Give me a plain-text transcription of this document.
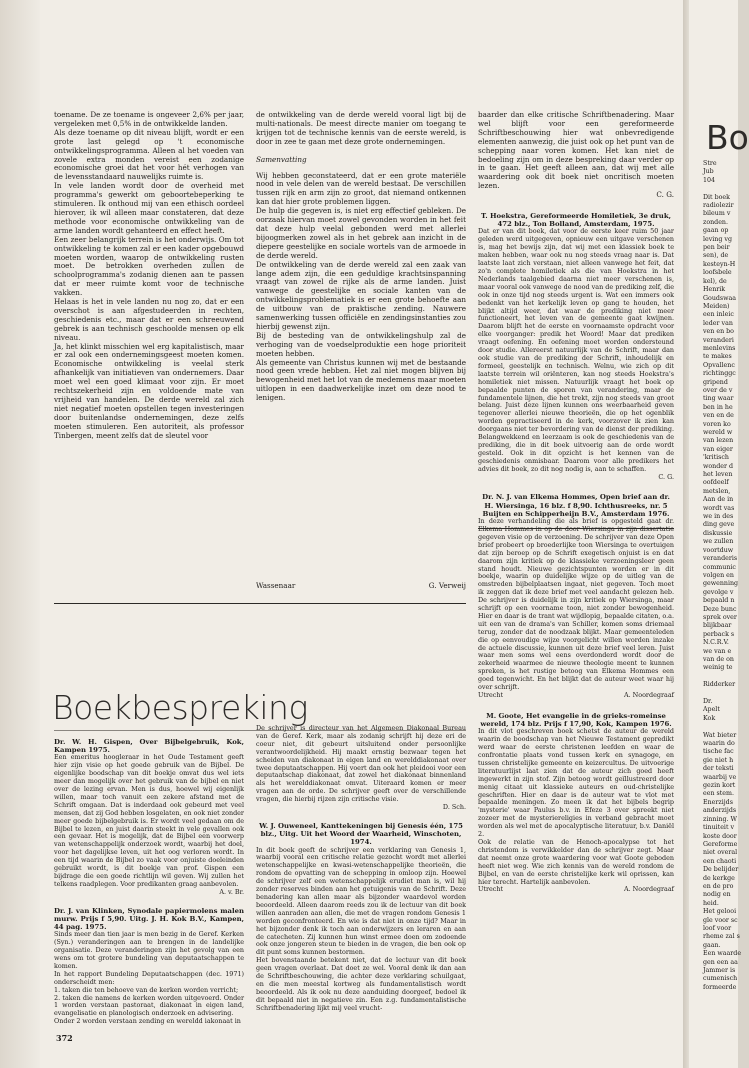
toename. De ze toename is ongeveer 2,6% per jaar, vergeleken met 0,5% in de ontwikkelde landen.

Als deze toename op dit niveau blijft, wordt er een grote last gelegd op 't economische ontwikkelingsprogramma. Alleen al het voeden van zovele extra monden vereist een zodanige economische groei dat het voor hét verhogen van de levensstandaard nauwelijks ruimte is.

In vele landen wordt door de overheid met programma's gewerkt om geboortebeperking te stimuleren. Ik onthoud mij van een ethisch oordeel hierover, ik wil alleen maar constateren, dat deze methode voor economische ontwikkeling van de arme landen wordt gehanteerd en effect heeft.

Een zeer belangrijk terrein is het onderwijs. Om tot ontwikkeling te komen zal er een kader opgebouwd moeten worden, waarop de ontwikkeling rusten moet. De betrokken overheden zullen de schoolprogramma's zodanig dienen aan te passen dat er meer ruimte komt voor de technische vakken.

Helaas is het in vele landen nu nog zo, dat er een overschot is aan afgestudeerden in rechten, geschiedenis etc., maar dat er een schreeuwend gebrek is aan technisch geschoolde mensen op elk niveau.

Ja, het klinkt misschien wel erg kapitalistisch, maar er zal ook een ondernemingsgeest moeten komen. Economische ontwikkeling is veelal sterk afhankelijk van initiatieven van ondernemers. Daar moet wel een goed klimaat voor zijn. Er moet rechtszekerheid zijn en voldoende mate van vrijheid van handelen. De derde wereld zal zich niet negatief moeten opstellen tegen investeringen door buitenlandse ondernemingen, deze zelfs moeten stimuleren. Een autoriteit, als professor Tinbergen, meent zelfs dat de sleutel voor

de ontwikkeling van de derde wereld vooral ligt bij de multi-nationals. De meest directe manier om toegang te krijgen tot de technische kennis van de eerste wereld, is door in zee te gaan met deze grote ondernemingen.

Samenvatting

Wij hebben geconstateerd, dat er een grote materiële nood in vele delen van de wereld bestaat. De verschillen tussen rijk en arm zijn zo groot, dat niemand ontkennen kan dat hier grote problemen liggen.

De hulp die gegeven is, is niet erg effectief gebleken. De oorzaak hiervan moet zowel gevonden worden in het feit dat deze hulp veelal gebonden werd met allerlei bijoogmerken zowel als in het gebrek aan inzicht in de diepere geestelijke en sociale wortels van de armoede in de derde wereld.

De ontwikkeling van de derde wereld zal een zaak van lange adem zijn, die een geduldige krachtsinspanning vraagt van zowel de rijke als de arme landen. Juist vanwege de geestelijke en sociale kanten van de ontwikkelingsproblematiek is er een grote behoefte aan de uitbouw van de praktische zending. Nauwere samenwerking tussen officiële en zendingsinstanties zou hierbij gewenst zijn.

Bij de besteding van de ontwikkelingshulp zal de verhoging van de voedselproduktie een hoge prioriteit moeten hebben.

Als gemeente van Christus kunnen wij met de bestaande nood geen vrede hebben. Het zal niet mogen blijven bij bewogenheid met het lot van de medemens maar moeten uitlopen in een daadwerkelijke inzet om deze nood te lenigen.

Wassenaar	G. Verweij

baarder dan elke critische Schriftbenadering. Maar wel blijft voor een gereformeerde Schriftbeschouwing hier wat onbevredigende elementen aanwezig, die juist ook op het punt van de schepping naar voren komen. Het kan niet de bedoeling zijn om in deze bespreking daar verder op in te gaan. Het geeft alleen aan, dat wij met alle waardering ook dit boek niet oncritisch moeten lezen.

C. G.

T. Hoekstra, Gereformeerde Homiletiek, 3e druk, 472 blz., Ton Bolland, Amsterdam, 1975.

Dat er van dit boek, dat voor de eerste keer ruim 50 jaar geleden werd uitgegeven, opnieuw een uitgave verschenen is, mag het bewijs zijn, dat wij met een klassiek boek te maken hebben, waar ook nu nog steeds vraag naar is. Dat laatste laat zich verstaan, niet alleen vanwege het feit, dat zo'n complete homiletiek als die van Hoekstra in het Nederlands taalgebied daarna niet meer verschenen is, maar vooral ook vanwege de nood van de prediking zelf, die ook in onze tijd nog steeds urgent is. Wat een immers ook bedenkt van het kerkelijk leven op gang te houden, het blijkt altijd weer, dat waar de prediking niet meer functioneert, het leven van de gemeente gaat kwijnen. Daarom blijft het de eerste en voornaamste opdracht voor elke voorganger: predik het Woord! Maar dat prediken vraagt oefening. En oefening moet worden ondersteund door studie. Allereerst natuurlijk van de Schrift, maar dan ook studie van de prediking der Schrift, inhoudelijk en formeel, geestelijk en technisch. Welnu, wie zich op dit laatste terrein wil oriënteren, kan nog steeds Hoekstra's homiletiek niet missen. Natuurlijk vraagt het boek op bepaalde punten de sporen van verandering, maar de fundamentele lijnen, die het trekt, zijn nog steeds van groot belang. Juist deze lijnen kunnen ons weerbaarheid geven tegenover allerlei nieuwe theorieën, die op het ogenblik worden gepractiseerd in de kerk, voorzover ik zien kan doorgaans niet ter bevordering van de dienst der prediking. Belangwekkend en leerzaam is ook de geschiedenis van de prediking, die in dit boek uitvoerig aan de orde wordt gesteld. Ook in dit opzicht is het kennen van de geschiedenis onmisbaar. Daarom voor alle predikers het advies dit boek, zo dit nog nodig is, aan te schaffen.

C. G.

Dr. N. J. van Elkema Hommes, Open brief aan dr. H. Wiersinga, 16 blz. f 8,90. Ichthusreeks, nr. 5 Buijten en Schipperheijn B.V., Amsterdam 1976.

In deze verhandeling die als brief is opgesteld gaat dr. gegeven visie op de verzoening. De schrijver van deze Open brief probeert op broederlijke toon Wiersinga te overtuigen dat zijn beroep op de Schrift exegetisch onjuist is en dat daarom zijn kritiek op de klassieke verzoeningsleer geen stand houdt. Nieuwe gezichtspunten worden er in dit boekje, waarin op duidelijke wijze op de uitleg van de omstreden bijbelplaatsen ingaat, niet gegeven. Toch moet ik zeggen dat ik deze brief met veel aandacht gelezen heb. De schrijver is duidelijk in zijn kritiek op Wiersinga, maar schrijft op een voorname toon, niet zonder bewogenheid. Hier en daar is de trant wat wijdlopig, bepaalde citaten, o.a. uit een van de drama's van Schiller, komen soms driemaal terug, zonder dat de noodzaak blijkt. Maar gemeenteleden die op eenvoudige wijze voorgelicht willen worden inzake de actuele discussie, kunnen uit deze brief veel leren. Juist waar men soms wel eens overdonderd wordt door de zekerheid waarmee de nieuwe theologie meent te kunnen spreken, is het rustige betoog van Elkema Hommes een goed tegenwicht. En het blijkt dat de auteur weet waar hij over schrijft.

Utrecht	A. Noordegraaf

M. Goote, Het evangelie in de grieks-romeinse wereld, 174 blz. Prijs f 17,90, Kok, Kampen 1976.

In dit vlot geschreven boek schetst de auteur de wereld waarin de boodschap van het Nieuwe Testament gepredikt werd waar de eerste christenen leefden en waar de confrontatie plaats vond tussen kerk en synagoge, en tussen christelijke gemeente en keizercultus. De uitvoerige literatuurlijst laat zien dat de auteur zich goed heeft ingewerkt in zijn stof. Zijn betoog wordt geïllustreerd door menig citaat uit klassieke auteurs en oud-christelijke geschriften. Hier en daar is de auteur wat te vlot met bepaalde meningen. Zo meen ik dat het bijbels begrip 'mysterie' waar Paulus b.v. in Efeze 3 over spreekt niet zozeer met de mysteriereligies in verband gebracht moet worden als wel met de apocalyptische literatuur, b.v. Daniël 2.

Ook de relatie van de Henoch-apocalypse tot het christendom is verwikkelder dan de schrijver zegt. Maar dat neemt onze grote waardering voor wat Goote geboden heeft niet weg. Wie zich kennis van de wereld rondom de Bijbel, en van de eerste christelijke kerk wil oprissen, kan hier terecht. Hartelijk aanbevolen.

Utrecht	A. Noordegraaf
Boekbespreking

Dr. W. H. Gispen, Over Bijbelgebruik, Kok, Kampen 1975.

Een emeritus hoogleraar in het Oude Testament geeft hier zijn visie op het goede gebruik van de Bijbel. De eigenlijke boodschap van dit boekje omvat dus wel iets meer dan mogelijk over het gebruik van de bijbel en niet over de lezing ervan. Men is dus, hoewel wij eigenlijk willen, maar toch vanuit een zekere afstand met de Schrift omgaan. Dat is inderdaad ook gebeurd met veel mensen, dat zij God hebben losgelaten, en ook niet zonder meer goede bijbelgebruik is. Er wordt veel gedaan om de Bijbel te lezen, en juist daarin steekt in vele gevallen ook een gevaar. Het is mogelijk, dat de Bijbel een voorwerp van wetenschappelijk onderzoek wordt, waarbij het doel, voor het dagelijkse leven, uit het oog verloren wordt. In een tijd waarin de Bijbel zo vaak voor onjuiste doeleinden gebruikt wordt, is dit boekje van prof. Gispen een bijdrage die een goede richtlijn wil geven. Wij zullen het telkens raadplegen. Voor predikanten graag aanbevolen.

A. v. Br.

Dr. J. van Klinken, Synodale papiermolens malen murw. Prijs f 5,90. Uitg. J. H. Kok B.V., Kampen, 44 pag. 1975.

Sinds meer dan tien jaar is men bezig in de Geref. Kerken (Syn.) veranderingen aan te brengen in de landelijke organisatie. Deze veranderingen zijn het gevolg van een wens om tot grotere bundeling van deputaatschappen te komen.

In het rapport Bundeling Deputaatschappen (dec. 1971) onderscheidt men:

1. taken die ten behoeve van de kerken worden verricht;

2. taken die namens de kerken worden uitgevoerd. Onder 1 worden verstaan pastoraat, diakonaat in eigen land, evangelisatie en planologisch onderzoek en advisering.

Onder 2 worden verstaan zending en wereldd iakonaat in

De schrijver is directeur van het Algemeen Diakonaal Bureau van de Geref. Kerk, maar als zodanig schrijft hij deze eri de coeur niet, dit gebeurt uitsluitend onder persoonlijke verantwoordelijkheid. Hij maakt ernstig bezwaar tegen het scheiden van diakonaat in eigen land en werelddiakonaat over twee deputaatschappen. Hij voert dan ook het pleidooi voor een deputaatschap diakonaat, dat zowel het diakonaat binnenland als het werelddiakonaat omvat. Uiteraard komen er meer vragen aan de orde. De schrijver geeft over de verschillende vragen, die hierbij rijzen zijn critische visie.

D. Sch.

W. J. Ouweneel, Kanttekeningen bij Genesis één, 175 blz., Uitg. Uit het Woord der Waarheid, Winschoten, 1974.

In dit boek geeft de schrijver een verklaring van Genesis 1, waarbij vooral een critische relatie gezocht wordt met allerlei wetenschappelijke en kwasi-wetenschappelijke theorieën, die rondom de opvatting van de schepping in omloop zijn. Hoewel de schrijver zelf een wetenschappelijk erudiet man is, wil hij zonder reserves binden aan het getuigenis van de Schrift. Deze benadering kan allen maar als bijzonder waardevol worden beoordeeld. Alleen daarom reeds zou ik de lectuur van dit boek willen aanraden aan allen, die met de vragen rondom Genesis 1 worden geconfronteerd. En wie is dat niet in onze tijd? Maar in het bijzonder denk ik toch aan onderwijzers en leraren en aan de catecheten. Zij kunnen hun winst ermee doen om zodoende ook onze jongeren steun te bieden in de vragen, die ben ook op dit punt soms kunnen bestormen.

Het bovenstaande betekent niet, dat de lectuur van dit boek geen vragen overlaat. Dat doet ze wel. Vooral denk ik dan aan de Schriftbeschouwing, die achter deze verklaring schuilgaat, en die men meestal kortweg als fundamentalistisch wordt beoordeeld. Als ik ook nu deze aanduiding doorgeef, bedoel ik dit bepaald niet in negatieve zin. Een z.g. fundamentalistische Schriftbenadering lijkt mij veel vrucht-

372
Bo

Stre

Jub

104

Dit boek

radiolezir

bileum v

zonden.

gaan op

leving vg

pen beir

sen), de

kesteyn-H

loofsbele

kel), de

Henrik

Goudswaa

Meiden)

een inleic

leder van

ven en bo

veranderi

menlevins

te makes

Opvallenc

richtinggc

gripend

over de v

ting waar

ben in he

ven en de

voren ko

wereld w

van lezen

van eiger

'kritisch

wonder d

het leven

oofdeelf

metslen,

Aan de in

wordt vas

we in des

ding geve

diskussie

we zullen

voortduw

veranderis

communic

volgen en

gewenning

gevolge v

bepaald n

Deze bunc

sprek over

blijkbaar

perback s

N.C.R.V.

we van e

van de on

weinig te

Ridderker

Dr.

Apelt

Kok

Wat bieter

waarin do

tische fac

gie niet h

der teksti

waarbij ve

gezin kort

een stem.

Enerzijds

anderzijds

zinning. W

tinuiteit v

koste door

Gereforme

niet overal

een chaoti

De belijder

de kerkge

en de pro

nodig en

heid.

Het gelooi

gle voor sc

loof voor

rheme zal s

gaan.

Een waarde

gen een aa

Jammer is

cumenisch

formeerde
